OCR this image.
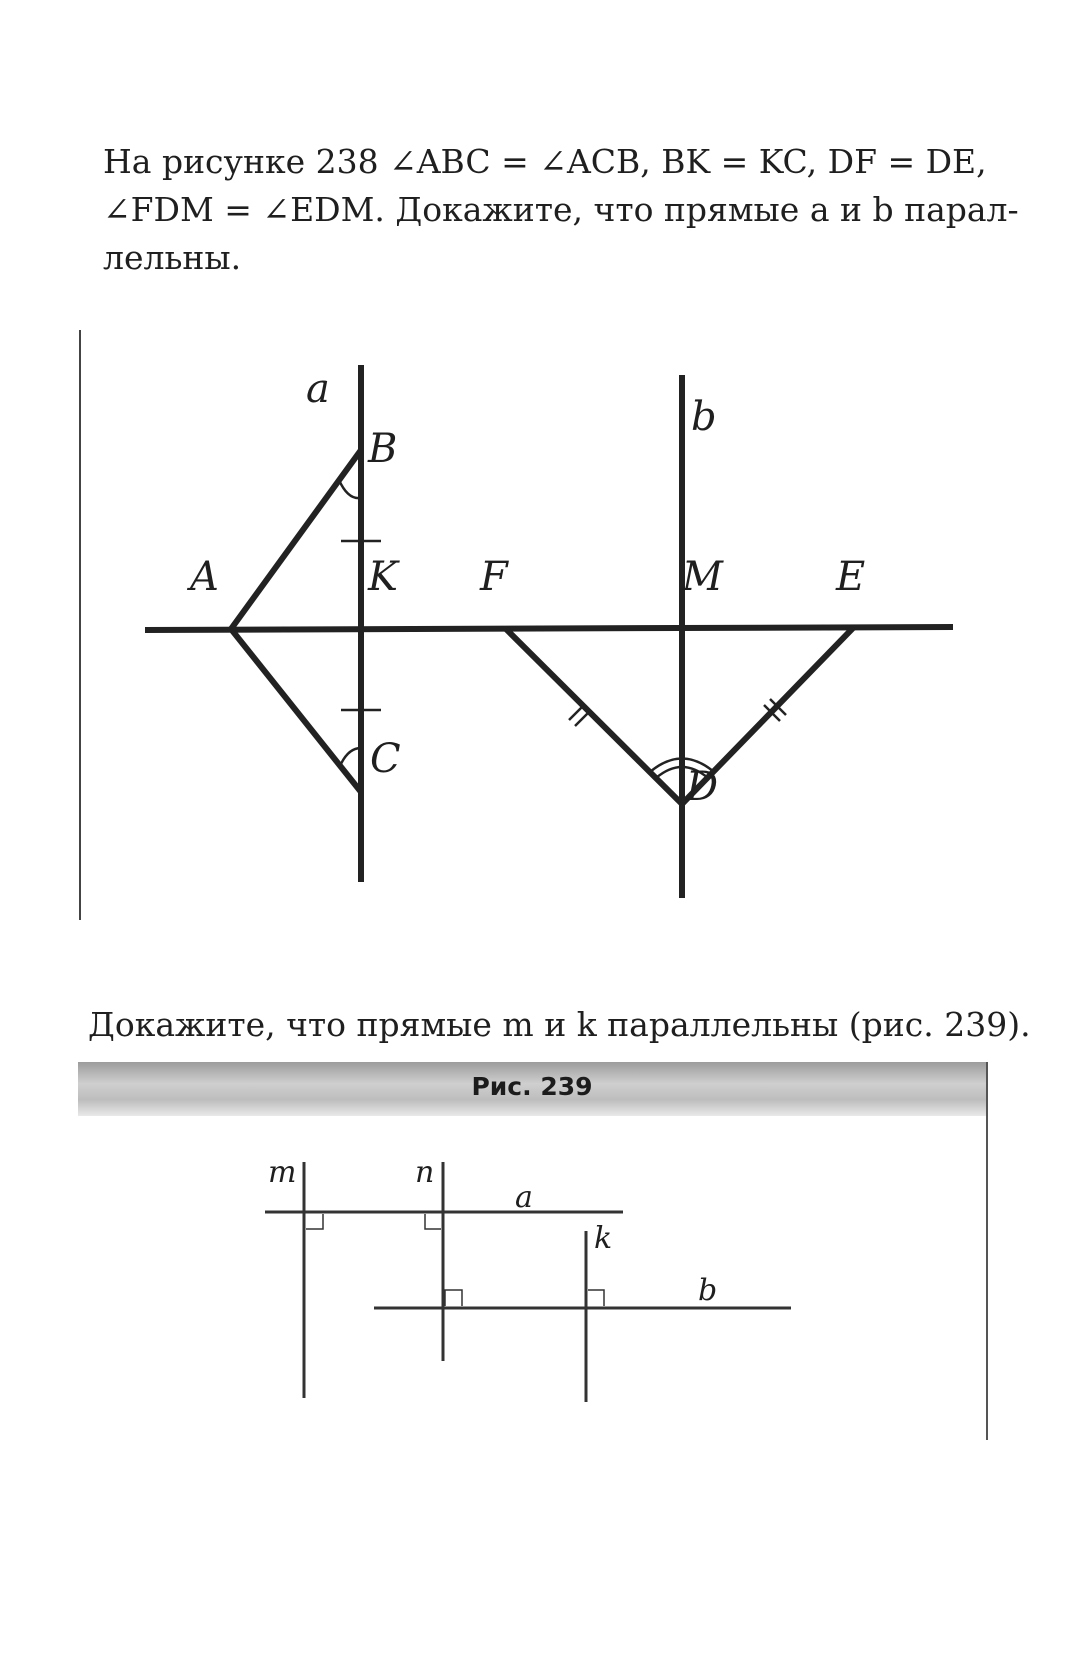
На рисунке 238 ∠ABC = ∠ACB, BK = KC, DF = DE,
∠FDM = ∠EDM. Докажите, что прямые a и b парал-
лельны.
a
b
B
A	K F	M	E
C
D
Докажите, что прямые m и k параллельны (рис. 239).
Рис. 239
m	n
a
k
b
